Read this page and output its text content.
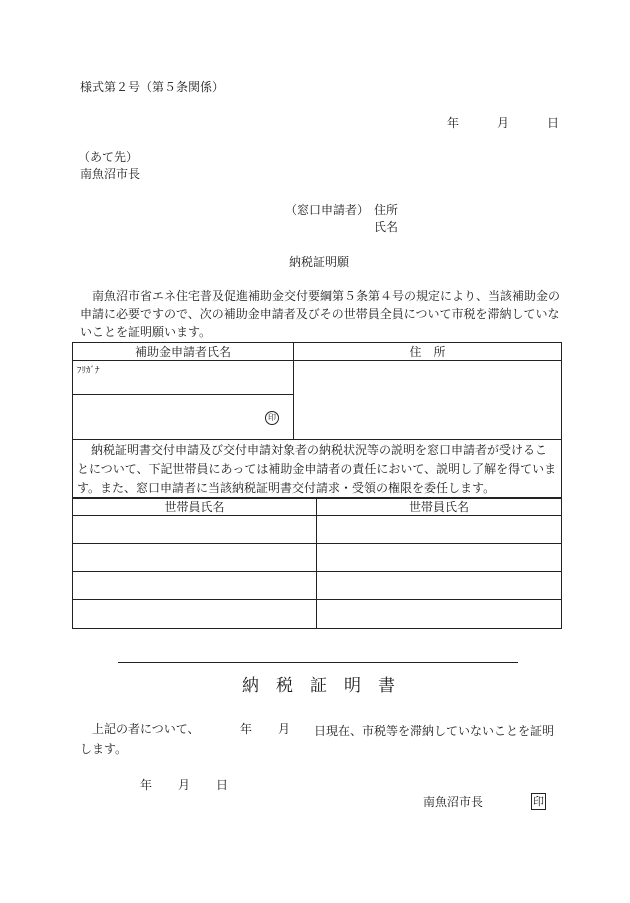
様式第２号（第５条関係）
年	月	日
（あて先）
南魚沼市長
（窓口申請者） 住所
氏名
納税証明願
南魚沼市省エネ住宅普及促進補助金交付要綱第５条第４号の規定により、当該補助金の申請に必要ですので、次の補助金申請者及びその世帯員全員について市税を滞納していないことを証明願います。
補助金申請者氏名	住　所
ﾌﾘｶﾞﾅ	
印	
納税証明書交付申請及び交付申請対象者の納税状況等の説明を窓口申請者が受けることについて、下記世帯員にあっては補助金申請者の責任において、説明し了解を得ています。また、窓口申請者に当該納税証明書交付請求・受領の権限を委任します。	
世帯員氏名	世帯員氏名

納　税　証　明　書
上記の者について、	年 月	日現在、市税等を滞納していないことを証明します。
年 月 日
南魚沼市長	印
